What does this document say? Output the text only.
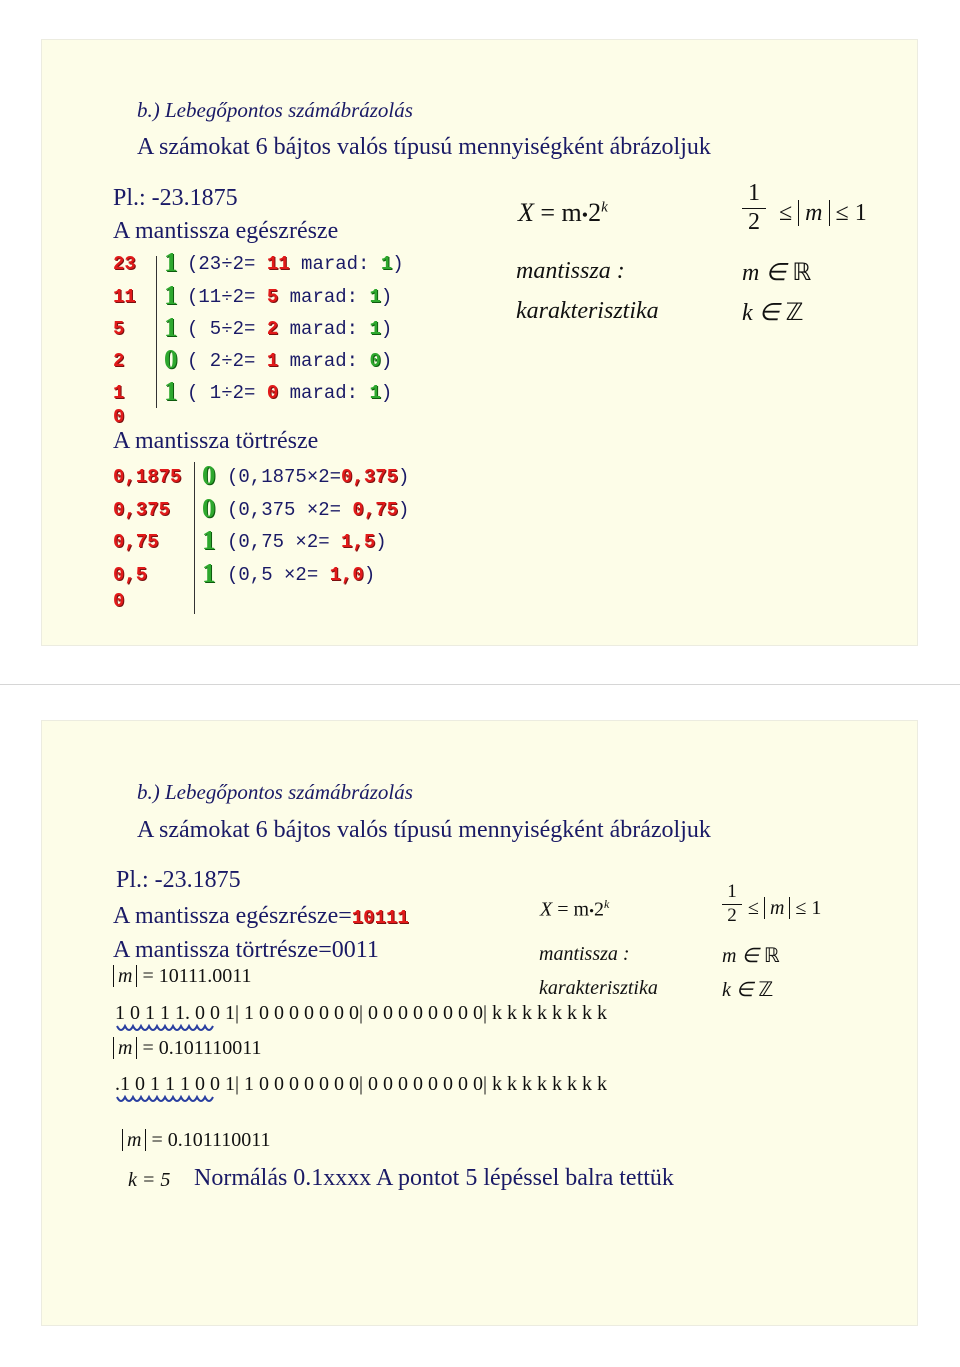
b.) Lebegőpontos számábrázolás
A számokat 6 bájtos valós típusú mennyiségként ábrázoljuk
Pl.: -23.1875
A mantissza egészrésze
23 1 (23÷2= 11 marad: 1)
11 1 (11÷2= 5 marad: 1)
5 1 ( 5÷2= 2 marad: 1)
2 0 ( 2÷2= 1 marad: 0)
1 1 ( 1÷2= 0 marad: 1)
0
A mantissza törtrésze
0,1875 0 (0,1875×2=0,375)
0,375 0 (0,375 ×2= 0,75)
0,75 1 (0,75 ×2= 1,5)
0,5 1 (0,5 ×2= 1,0)
0
$X = m•2^k$	$\frac{1}{2} \le m \le 1$
mantissza :	m ∈ ℝ
karakterisztika	k ∈ ℤ
b.) Lebegőpontos számábrázolás
A számokat 6 bájtos valós típusú mennyiségként ábrázoljuk
Pl.: -23.1875
A mantissza egészrésze=10111
A mantissza törtrésze=0011
m = 10111.0011
1 0 1 1 1. 0 0 1| 1 0 0 0 0 0 0 0| 0 0 0 0 0 0 0 0| k k k k k k k k
m = 0.101110011
.1 0 1 1 1 0 0 1| 1 0 0 0 0 0 0 0| 0 0 0 0 0 0 0 0| k k k k k k k k
m = 0.101110011
k = 5 Normálás 0.1xxxx A pontot 5 lépéssel balra tettük
$X = m•2^k$	$\frac{1}{2} \le m \le 1$
mantissza :	m ∈ ℝ
karakterisztika	k ∈ ℤ
